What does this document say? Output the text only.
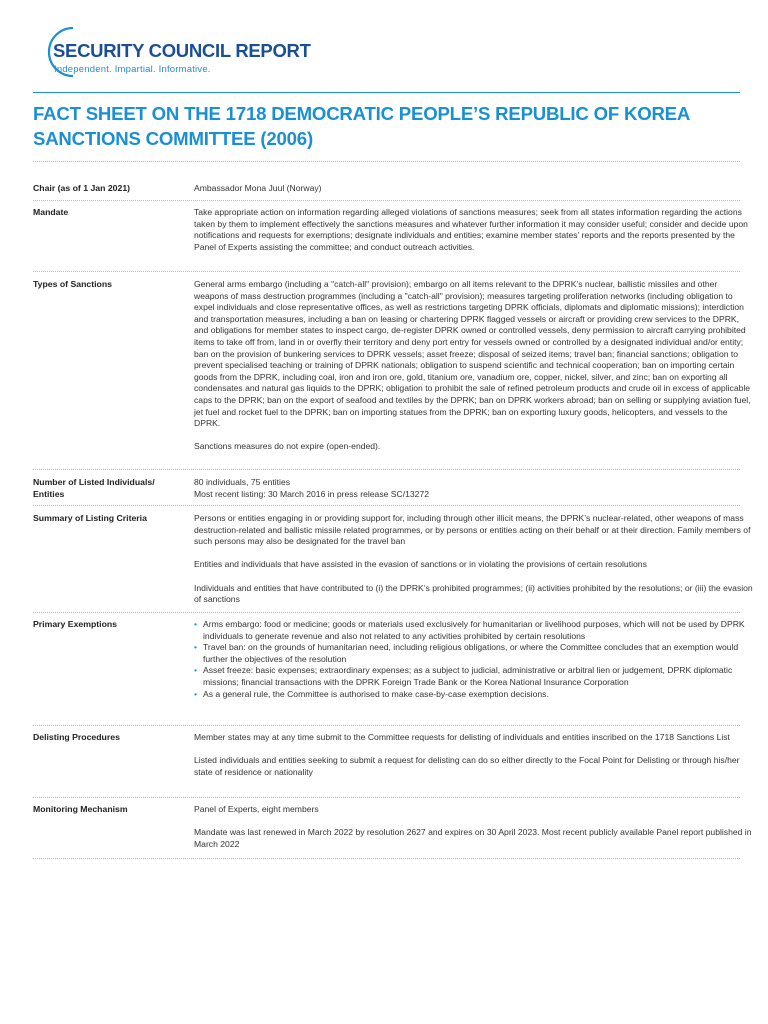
SECURITY COUNCIL REPORT
Independent. Impartial. Informative.
FACT SHEET ON THE 1718 DEMOCRATIC PEOPLE’S REPUBLIC OF KOREA SANCTIONS COMMITTEE (2006)
Chair (as of 1 Jan 2021)	Ambassador Mona Juul (Norway)

Mandate	Take appropriate action on information regarding alleged violations of sanctions measures; seek from all states information regarding the actions taken by them to implement effectively the sanctions measures and whatever further information it may consider useful; consider and decide upon notifications and requests for exemptions; designate individuals and entities; examine member states’ reports and the reports presented by the Panel of Experts assisting the committee; and conduct outreach activities.

Types of Sanctions	General arms embargo (including a "catch-all" provision); embargo on all items relevant to the DPRK’s nuclear, ballistic missiles and other weapons of mass destruction programmes (including a "catch-all" provision); measures targeting proliferation networks (including obligation to expel individuals and close representative offices, as well as restrictions targeting DPRK officials, diplomats and diplomatic missions); interdiction and transportation measures, including a ban on leasing or chartering DPRK flagged vessels or aircraft or providing crew services to the DPRK, and obligations for member states to inspect cargo, de-register DPRK owned or controlled vessels, deny permission to aircraft carrying prohibited items to take off from, land in or overfly their territory and deny port entry for vessels owned or controlled by a designated individual and/or entity; ban on the provision of bunkering services to DPRK vessels; asset freeze; disposal of seized items; travel ban; financial sanctions; obligation to prevent specialised teaching or training of DPRK nationals; obligation to suspend scientific and technical cooperation; ban on importing certain goods from the DPRK, including coal, iron and iron ore, gold, titanium ore, vanadium ore, copper, nickel, silver, and zinc; ban on exporting all condensates and natural gas liquids to the DPRK; obligation to prohibit the sale of refined petroleum products and crude oil in excess of applicable caps to the DPRK; ban on the export of seafood and textiles by the DPRK; ban on DPRK workers abroad; ban on selling or supplying aviation fuel, jet fuel and rocket fuel to the DPRK; ban on importing statues from the DPRK; ban on exporting luxury goods, helicopters, and vessels to the DPRK.

Sanctions measures do not expire (open-ended).

Number of Listed Individuals/ Entities

80 individuals, 75 entities
Most recent listing: 30 March 2016 in press release SC/13272

Summary of Listing Criteria	Persons or entities engaging in or providing support for, including through other illicit means, the DPRK’s nuclear-related, other weapons of mass destruction-related and ballistic missile related programmes, or by persons or entities acting on their behalf or at their direction. Family members of such persons may also be designated for the travel ban

Entities and individuals that have assisted in the evasion of sanctions or in violating the provisions of certain resolutions

Individuals and entities that have contributed to (i) the DPRK’s prohibited programmes; (ii) activities prohibited by the resolutions; or (iii) the evasion of sanctions

Primary Exemptions
•	Arms embargo: food or medicine; goods or materials used exclusively for humanitarian or livelihood purposes, which will not be used by DPRK individuals to generate revenue and also not related to any activities prohibited by certain resolutions
• Travel ban: on the grounds of humanitarian need, including religious obligations, or where the Committee concludes that an exemption would further the objectives of the resolution
• Asset freeze: basic expenses; extraordinary expenses; as a subject to judicial, administrative or arbitral lien or judgement, DPRK diplomatic missions; financial transactions with the DPRK Foreign Trade Bank or the Korea National Insurance Corporation
• As a general rule, the Committee is authorised to make case-by-case exemption decisions.
Delisting Procedures	Member states may at any time submit to the Committee requests for delisting of individuals and entities inscribed on the 1718 Sanctions List

Listed individuals and entities seeking to submit a request for delisting can do so either directly to the Focal Point for Delisting or through his/her state of residence or nationality

Monitoring Mechanism	Panel of Experts, eight members

Mandate was last renewed in March 2022 by resolution 2627 and expires on 30 April 2023. Most recent publicly available Panel report published in March 2022
